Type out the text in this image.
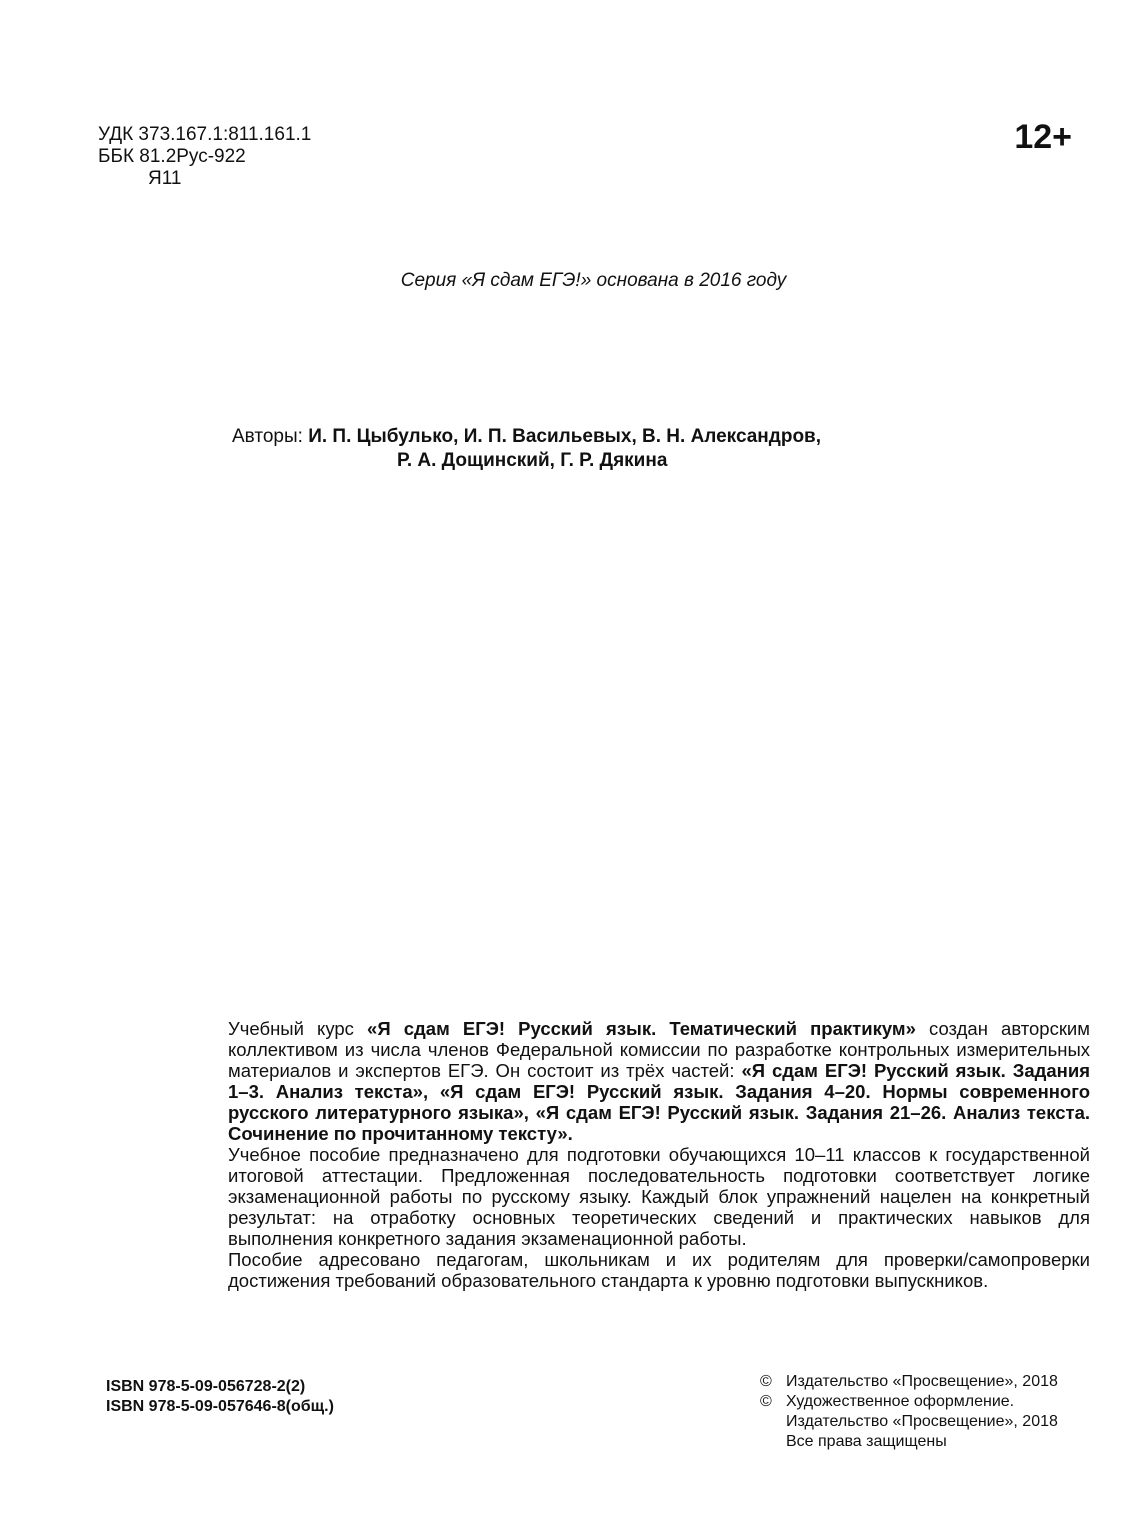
УДК 373.167.1:811.161.1
ББК 81.2Рус-922
Я11
12+
Серия «Я сдам ЕГЭ!» основана в 2016 году
Авторы: И. П. Цыбулько, И. П. Васильевых, В. Н. Александров,
Р. А. Дощинский, Г. Р. Дякина

Учебный курс «Я сдам ЕГЭ! Русский язык. Тематический практикум» создан авторским коллективом из числа членов Федеральной комиссии по разработке контрольных измерительных материалов и экспертов ЕГЭ. Он состоит из трёх частей: «Я сдам ЕГЭ! Русский язык. Задания 1–3. Анализ текста», «Я сдам ЕГЭ! Русский язык. Задания 4–20. Нормы современного русского литературного языка», «Я сдам ЕГЭ! Русский язык. Задания 21–26. Анализ текста. Сочинение по прочитанному тексту».

Учебное пособие предназначено для подготовки обучающихся 10–11 классов к государственной итоговой аттестации. Предложенная последовательность подготовки соответствует логике экзаменационной работы по русскому языку. Каждый блок упражнений нацелен на конкретный результат: на отработку основных теоретических сведений и практических навыков для выполнения конкретного задания экзаменационной работы.

Пособие адресовано педагогам, школьникам и их родителям для проверки/самопроверки достижения требований образовательного стандарта к уровню подготовки выпускников.

ISBN 978-5-09-056728-2(2)
ISBN 978-5-09-057646-8(общ.)
© Издательство «Просвещение», 2018
© Художественное оформление.
Издательство «Просвещение», 2018
Все права защищены
